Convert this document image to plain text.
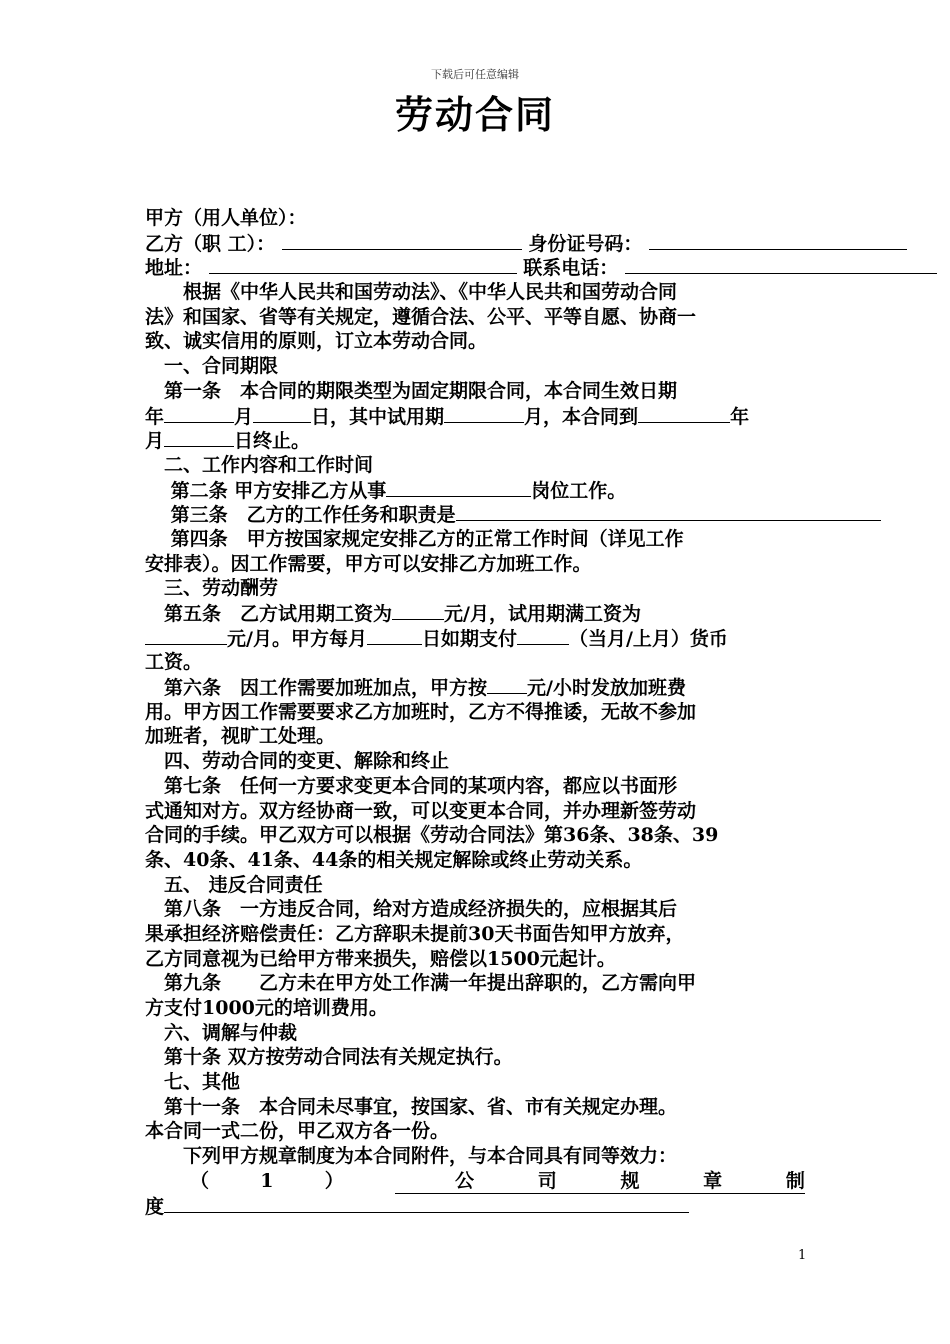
下载后可任意编辑
劳动合同
甲方（用人单位）：
乙方（职 工）：	身份证号码：
地址：	联系电话：
　　根据《中华人民共和国劳动法》、《中华人民共和国劳动合同
法》和国家、省等有关规定，遵循合法、公平、平等自愿、协商一
致、诚实信用的原则，订立本劳动合同。
　一、合同期限
　第一条　本合同的期限类型为固定期限合同，本合同生效日期
年	月	日，其中试用期	月，本合同到	年
月	日终止。
　二、工作内容和工作时间
　 第二条 甲方安排乙方从事	岗位工作。
　 第三条　乙方的工作任务和职责是
　 第四条　甲方按国家规定安排乙方的正常工作时间（详见工作
安排表）。因工作需要，甲方可以安排乙方加班工作。
　三、劳动酬劳
　第五条　乙方试用期工资为	元/月，试用期满工资为
元/月。甲方每月	日如期支付	（当月/上月）货币
工资。
　第六条　因工作需要加班加点，甲方按 元/小时发放加班费
用。甲方因工作需要要求乙方加班时，乙方不得推诿，无故不参加
加班者，视旷工处理。
　四、劳动合同的变更、解除和终止
　第七条　任何一方要求变更本合同的某项内容，都应以书面形
式通知对方。双方经协商一致，可以变更本合同，并办理新签劳动
合同的手续。甲乙双方可以根据《劳动合同法》第36条、38条、39
条、40条、41条、44条的相关规定解除或终止劳动关系。
　五、 违反合同责任
　第八条　一方违反合同，给对方造成经济损失的，应根据其后
果承担经济赔偿责任：乙方辞职未提前30天书面告知甲方放弃，
乙方同意视为已给甲方带来损失，赔偿以1500元起计。
　第九条　　乙方未在甲方处工作满一年提出辞职的，乙方需向甲
方支付1000元的培训费用。
　六、调解与仲裁
　第十条 双方按劳动合同法有关规定执行。
　七、其他
　第十一条　本合同未尽事宜，按国家、省、市有关规定办理。
本合同一式二份，甲乙双方各一份。
　　下列甲方规章制度为本合同附件，与本合同具有同等效力：
（	1	）	公	司	规	章	制
度
1
